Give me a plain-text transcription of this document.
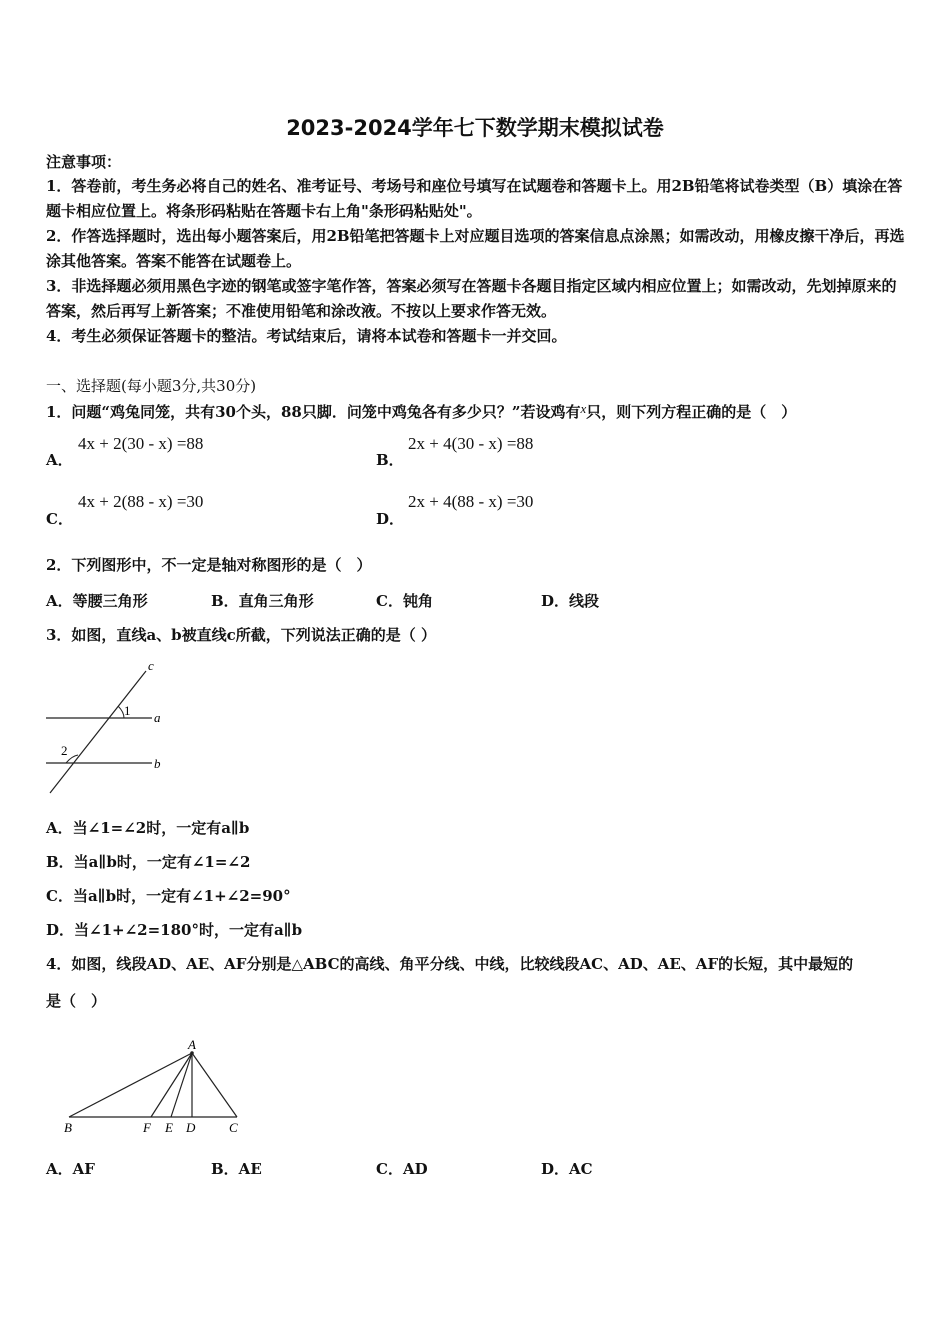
2023-2024学年七下数学期末模拟试卷
注意事项：
1．答卷前，考生务必将自己的姓名、准考证号、考场号和座位号填写在试题卷和答题卡上。用2B铅笔将试卷类型（B）填涂在答题卡相应位置上。将条形码粘贴在答题卡右上角"条形码粘贴处"。
2．作答选择题时，选出每小题答案后，用2B铅笔把答题卡上对应题目选项的答案信息点涂黑；如需改动，用橡皮擦干净后，再选涂其他答案。答案不能答在试题卷上。
3．非选择题必须用黑色字迹的钢笔或签字笔作答，答案必须写在答题卡各题目指定区域内相应位置上；如需改动，先划掉原来的答案，然后再写上新答案；不准使用铅笔和涂改液。不按以上要求作答无效。
4．考生必须保证答题卡的整洁。考试结束后，请将本试卷和答题卡一并交回。
一、选择题(每小题3分,共30分)
1．问题“鸡兔同笼，共有30个头，88只脚．问笼中鸡兔各有多少只？”若设鸡有x只，则下列方程正确的是（　）
A．
4x + 2(30 - x) =88
B．
2x + 4(30 - x) =88
C．
4x + 2(88 - x) =30
D．
2x + 4(88 - x) =30
2．下列图形中，不一定是轴对称图形的是（　）
A．等腰三角形	B．直角三角形	C．钝角	D．线段
3．如图，直线a、b被直线c所截，下列说法正确的是（ ）
c
a
b
1
2
A．当∠1=∠2时，一定有a∥b
B．当a∥b时，一定有∠1=∠2
C．当a∥b时，一定有∠1+∠2=90°
D．当∠1+∠2=180°时，一定有a∥b
4．如图，线段AD、AE、AF分别是△ABC的高线、角平分线、中线，比较线段AC、AD、AE、AF的长短，其中最短的
是（　）
A
B	F E D	C
A．AF	B．AE	C．AD	D．AC
